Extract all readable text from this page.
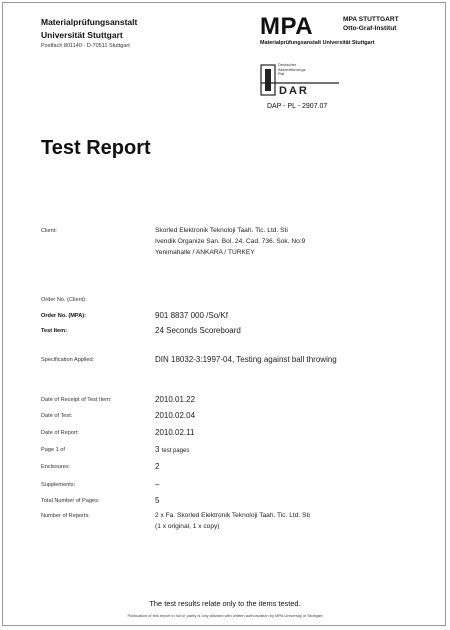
Materialprüfungsanstalt
Universität Stuttgart
Postfach 801140 · D-70511 Stuttgart
MPA	MPA STUTTGART
Otto-Graf-Institut
Materialprüfungsanstalt Universität Stuttgart
DAR
Deutscher
Akkreditierungs
Rat
DAP - PL - 2907.07
Test Report
Client:	Skorled Elektronik Teknoloji Taah. Tic. Ltd. Sti
Ivendik Organize San. Bol. 24. Cad. 736. Sok. No:9
Yenimahalle / ANKARA / TURKEY
Order No. (Client):
Order No. (MPA):	901 8837 000 /So/Kf
Test Item:	24 Seconds Scoreboard
Specification Applied:	DIN 18032-3:1997-04, Testing against ball throwing
Date of Receipt of Test Item:	2010.01.22
Date of Test:	2010.02.04
Date of Report:	2010.02.11
Page 1 of	3 test pages
Enclosures:	2
Supplements:	–
Total Number of Pages:	5
Number of Reports:	2 x Fa. Skorled Elektronik Teknoloji Taah. Tic. Ltd. Sti
(1 x original, 1 x copy)
The test results relate only to the items tested.
Publication of this report in full or partly is only allowed with written authorization by MPA University of Stuttgart
